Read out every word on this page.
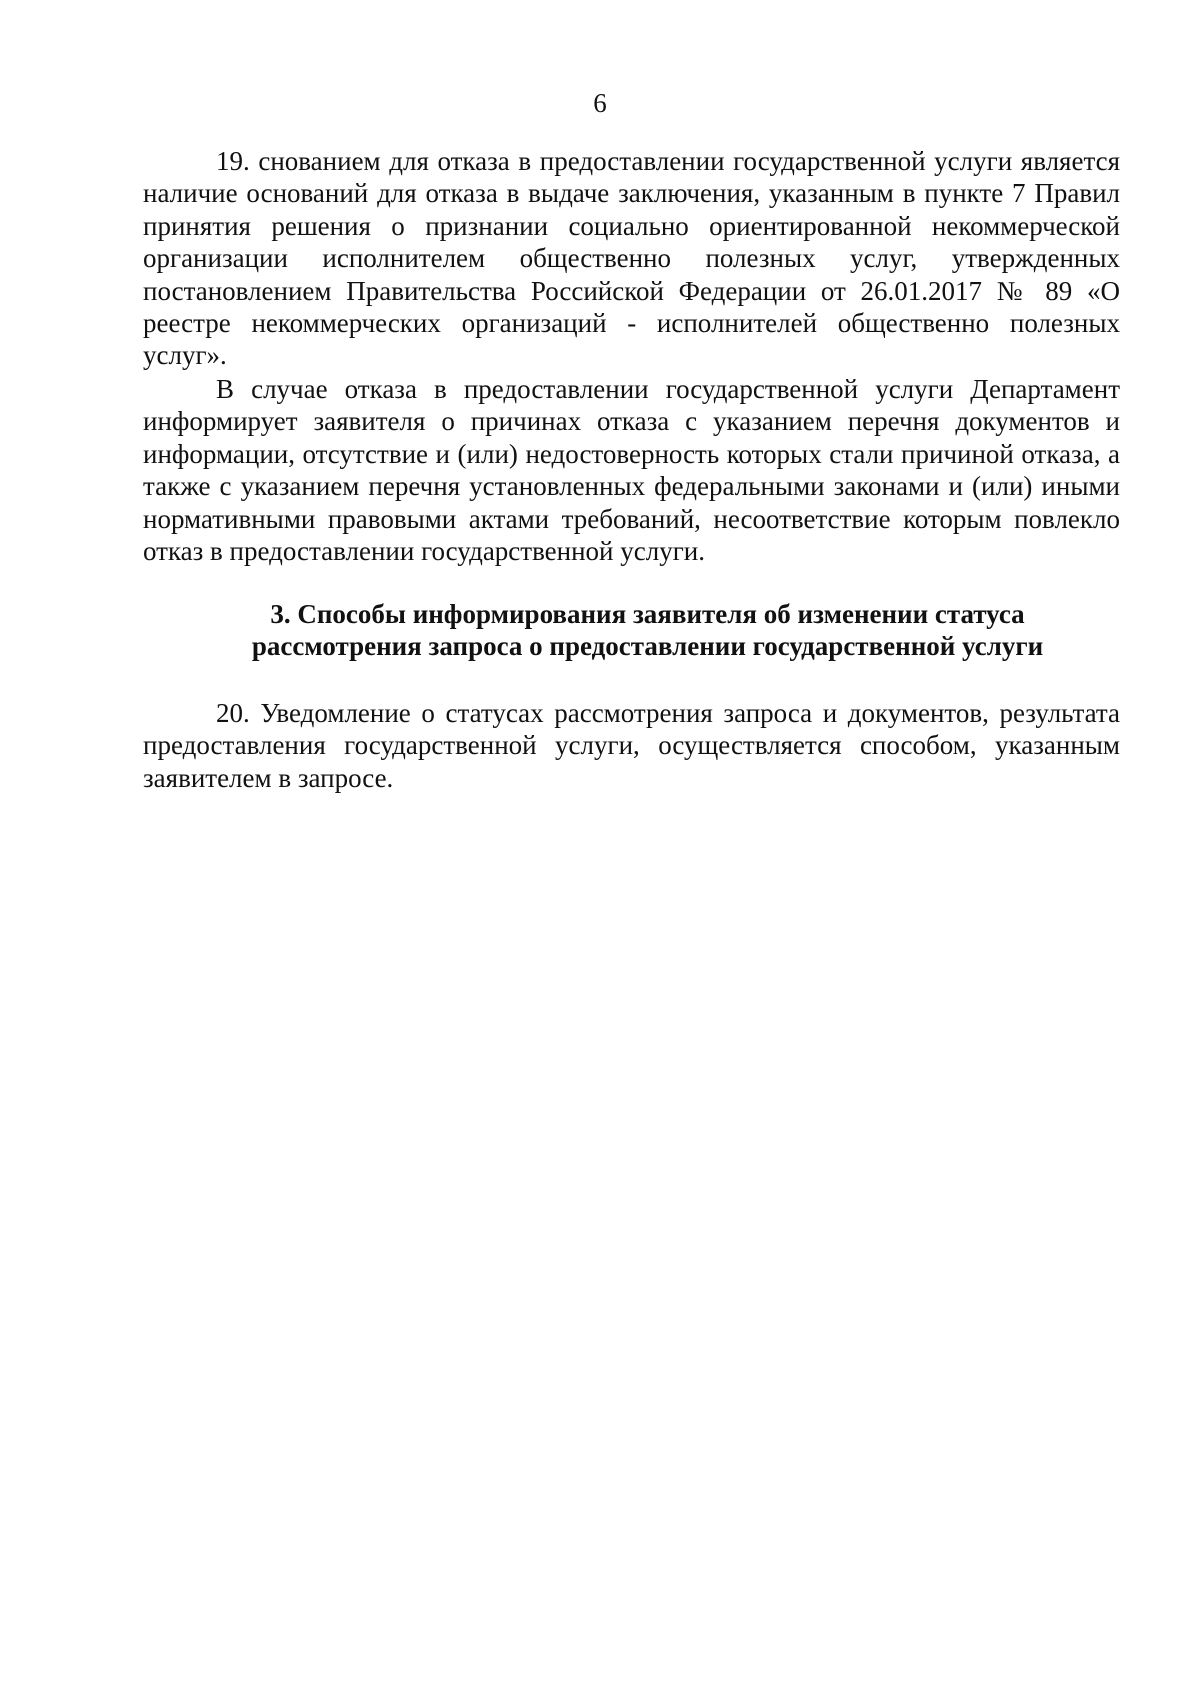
6

19. снованием для отказа в предоставлении государственной услуги является наличие оснований для отказа в выдаче заключения, указанным в пункте 7 Правил принятия решения о признании социально ориентированной некоммерческой организации исполнителем общественно полезных услуг, утвержденных постановлением Правительства Российской Федерации от 26.01.2017 № 89 «О реестре некоммерческих организаций - исполнителей общественно полезных услуг».

В случае отказа в предоставлении государственной услуги Департамент информирует заявителя о причинах отказа с указанием перечня документов и информации, отсутствие и (или) недостоверность которых стали причиной отказа, а также с указанием перечня установленных федеральными законами и (или) иными нормативными правовыми актами требований, несоответствие которым повлекло отказ в предоставлении государственной услуги.

3. Способы информирования заявителя об изменении статуса
рассмотрения запроса о предоставлении государственной услуги

20. Уведомление о статусах рассмотрения запроса и документов, результата предоставления государственной услуги, осуществляется способом, указанным заявителем в запросе.
